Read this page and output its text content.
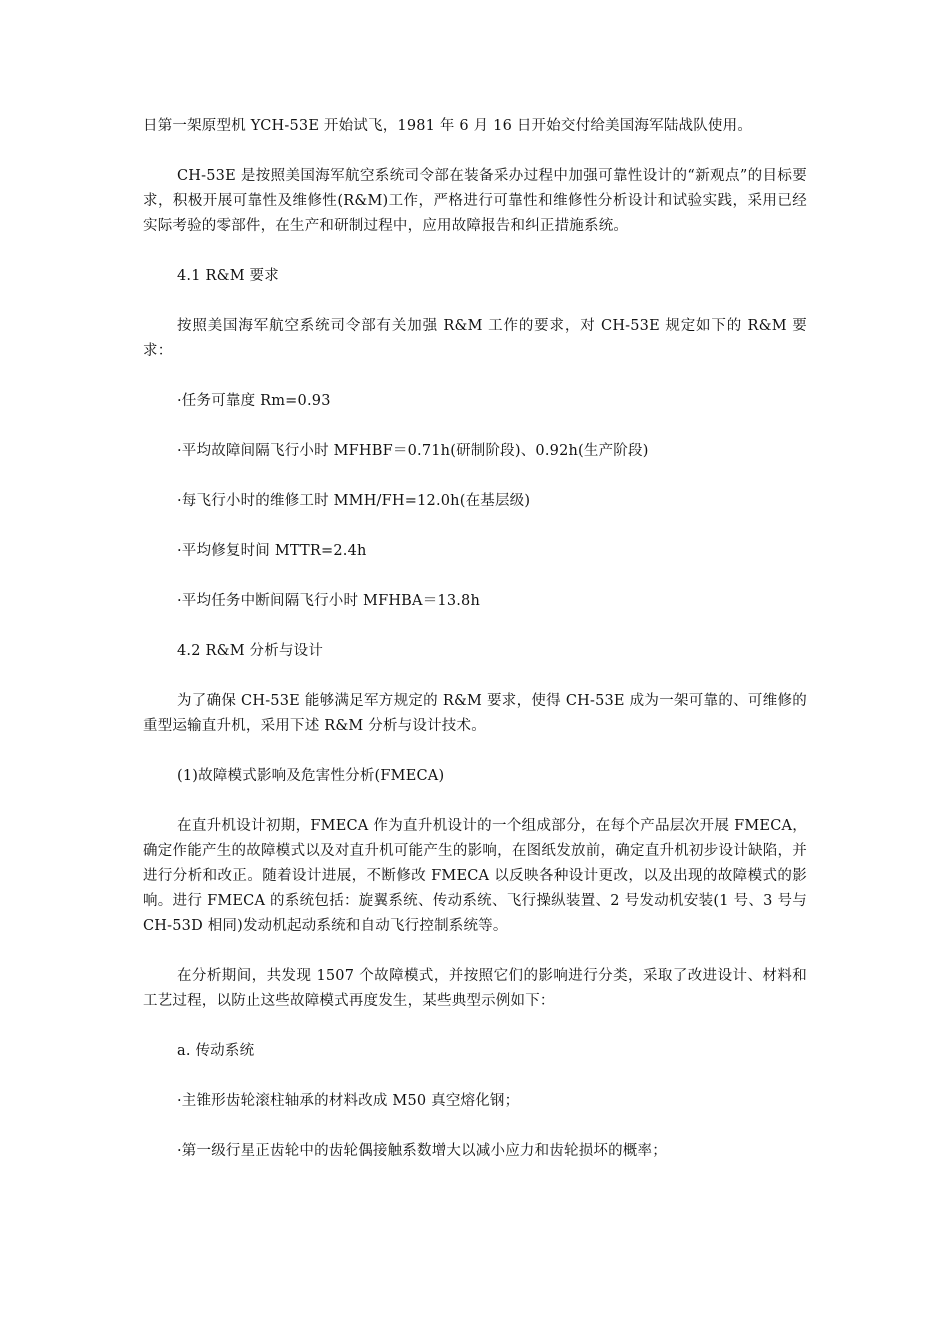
日第一架原型机 YCH-53E 开始试飞，1981 年 6 月 16 日开始交付给美国海军陆战队使用。

CH-53E 是按照美国海军航空系统司令部在装备采办过程中加强可靠性设计的“新观点”的目标要求，积极开展可靠性及维修性(R&M)工作，严格进行可靠性和维修性分析设计和试验实践，采用已经实际考验的零部件，在生产和研制过程中，应用故障报告和纠正措施系统。

4.1 R&M 要求

按照美国海军航空系统司令部有关加强 R&M 工作的要求，对 CH-53E 规定如下的 R&M 要求：

·任务可靠度 Rm=0.93

·平均故障间隔飞行小时 MFHBF＝0.71h(研制阶段)、0.92h(生产阶段)

·每飞行小时的维修工时 MMH/FH=12.0h(在基层级)

·平均修复时间 MTTR=2.4h

·平均任务中断间隔飞行小时 MFHBA＝13.8h

4.2 R&M 分析与设计

为了确保 CH-53E 能够满足军方规定的 R&M 要求，使得 CH-53E 成为一架可靠的、可维修的重型运输直升机，采用下述 R&M 分析与设计技术。

(1)故障模式影响及危害性分析(FMECA)

在直升机设计初期，FMECA 作为直升机设计的一个组成部分，在每个产品层次开展 FMECA，确定作能产生的故障模式以及对直升机可能产生的影响，在图纸发放前，确定直升机初步设计缺陷，并进行分析和改正。随着设计进展，不断修改 FMECA 以反映各种设计更改，以及出现的故障模式的影响。进行 FMECA 的系统包括：旋翼系统、传动系统、飞行操纵装置、2 号发动机安装(1 号、3 号与 CH-53D 相同)发动机起动系统和自动飞行控制系统等。

在分析期间，共发现 1507 个故障模式，并按照它们的影响进行分类，采取了改进设计、材料和工艺过程，以防止这些故障模式再度发生，某些典型示例如下：

a. 传动系统

·主锥形齿轮滚柱轴承的材料改成 M50 真空熔化钢；

·第一级行星正齿轮中的齿轮偶接触系数增大以减小应力和齿轮损坏的概率；
